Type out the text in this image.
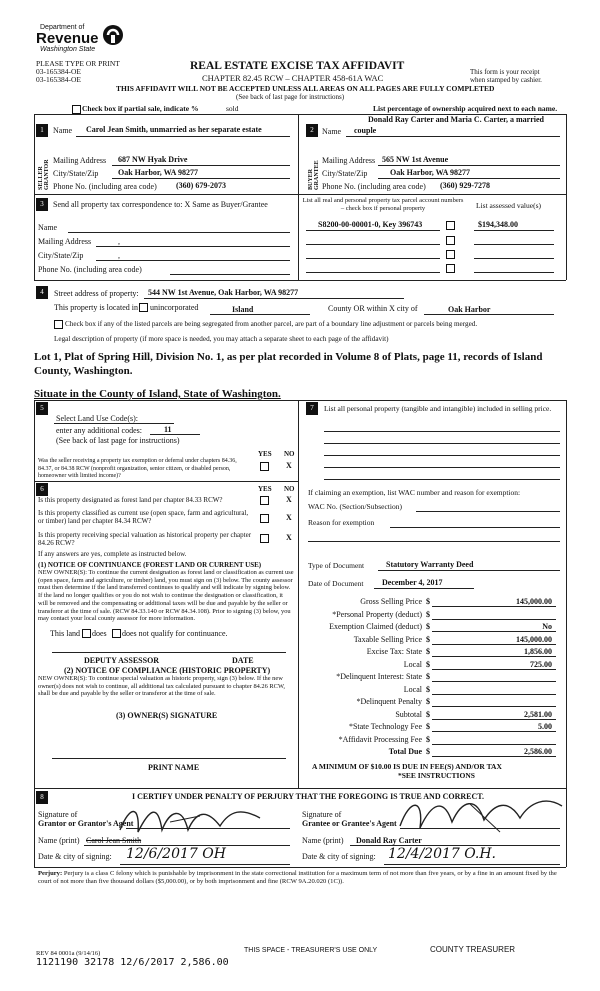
Department of
Revenue
Washington State
PLEASE TYPE OR PRINT
03-165384-OE
03-165384-OE
REAL ESTATE EXCISE TAX AFFIDAVIT
CHAPTER 82.45 RCW – CHAPTER 458-61A WAC
This form is your receipt
when stamped by cashier.
THIS AFFIDAVIT WILL NOT BE ACCEPTED UNLESS ALL AREAS ON ALL PAGES ARE FULLY COMPLETED
(See back of last page for instructions)
Check box if partial sale, indicate %	sold	List percentage of ownership acquired next to each name.
1	Name Carol Jean Smith, unmarried as her separate estate
SELLER GRANTOR Mailing Address 687 NW Hyak Drive
City/State/Zip Oak Harbor, WA 98277
Phone No. (including area code) (360) 679-2073
2
Donald Ray Carter and Maria C. Carter, a married
Name couple
BUYER GRANTEE Mailing Address 565 NW 1st Avenue
City/State/Zip	Oak Harbor, WA 98277
Phone No. (including area code) (360) 929-7278
3	Send all property tax correspondence to: X Same as Buyer/Grantee
Name
Mailing Address	,
City/State/Zip	,
Phone No. (including area code)
List all real and personal property tax parcel account numbers – check box if personal property	List assessed value(s)
S8200-00-00001-0, Key 396743	$194,348.00
4	Street address of property: 544 NW 1st Avenue, Oak Harbor, WA 98277
This property is located in unincorporated	Island	County OR within X city of	Oak Harbor
Check box if any of the listed parcels are being segregated from another parcel, are part of a boundary line adjustment or parcels being merged.
Legal description of property (if more space is needed, you may attach a separate sheet to each page of the affidavit)
Lot 1, Plat of Spring Hill, Division No. 1, as per plat recorded in Volume 8 of Plats, page 11, records of Island County, Washington.
Situate in the County of Island, State of Washington.
5
Select Land Use Code(s):
enter any additional codes:	11
(See back of last page for instructions)
YES NO
Was the seller receiving a property tax exemption or deferral under chapters 84.36, 84.37, or 84.38 RCW (nonprofit organization, senior citizen, or disabled person, homeowner with limited income)?
X
6	YES NO
Is this property designated as forest land per chapter 84.33 RCW?	X
Is this property classified as current use (open space, farm and agricultural, or timber) land per chapter 84.34 RCW?	X
Is this property receiving special valuation as historical property per chapter 84.26 RCW?
X
If any answers are yes, complete as instructed below.
(1) NOTICE OF CONTINUANCE (FOREST LAND OR CURRENT USE)
NEW OWNER(S): To continue the current designation as forest land or classification as current use (open space, farm and agriculture, or timber) land, you must sign on (3) below. The county assessor must then determine if the land transferred continues to qualify and will indicate by signing below. If the land no longer qualifies or you do not wish to continue the designation or classification, it will be removed and the compensating or additional taxes will be due and payable by the seller or transferor at the time of sale. (RCW 84.33.140 or RCW 84.34.108). Prior to signing (3) below, you may contact your local county assessor for more information.
This land does does not qualify for continuance.
DEPUTY ASSESSOR	DATE
(2) NOTICE OF COMPLIANCE (HISTORIC PROPERTY)
NEW OWNER(S): To continue special valuation as historic property, sign (3) below. If the new owner(s) does not wish to continue, all additional tax calculated pursuant to chapter 84.26 RCW, shall be due and payable by the seller or transferor at the time of sale.
(3) OWNER(S) SIGNATURE
PRINT NAME
7	List all personal property (tangible and intangible) included in selling price.
If claiming an exemption, list WAC number and reason for exemption:
WAC No. (Section/Subsection)
Reason for exemption
Type of Document	Statutory Warranty Deed
Date of Document December 4, 2017
Gross Selling Price $	145,000.00
*Personal Property (deduct) $
Exemption Claimed (deduct) $	No
Taxable Selling Price $	145,000.00
Excise Tax: State $	1,856.00
Local $	725.00
*Delinquent Interest: State $
Local $
*Delinquent Penalty $
Subtotal $	2,581.00
*State Technology Fee $	5.00
*Affidavit Processing Fee $
Total Due $	2,586.00
A MINIMUM OF $10.00 IS DUE IN FEE(S) AND/OR TAX
*SEE INSTRUCTIONS
8	I CERTIFY UNDER PENALTY OF PERJURY THAT THE FOREGOING IS TRUE AND CORRECT.
Signature of
Grantor or Grantor's Agent
Signature of
Grantee or Grantee's Agent
Name (print) Carol Jean Smith	Name (print) Donald Ray Carter
Date & city of signing: 12/6/2017 OH	Date & city of signing: 12/4/2017 O.H.
Perjury: Perjury is a class C felony which is punishable by imprisonment in the state correctional institution for a maximum term of not more than five years, or by a fine in an amount fixed by the court of not more than five thousand dollars ($5,000.00), or by both imprisonment and fine (RCW 9A.20.020 (1C)).
REV 84 0001a (9/14/16)
1121190 32178 12/6/2017 2,586.00
THIS SPACE - TREASURER'S USE ONLY	COUNTY TREASURER
